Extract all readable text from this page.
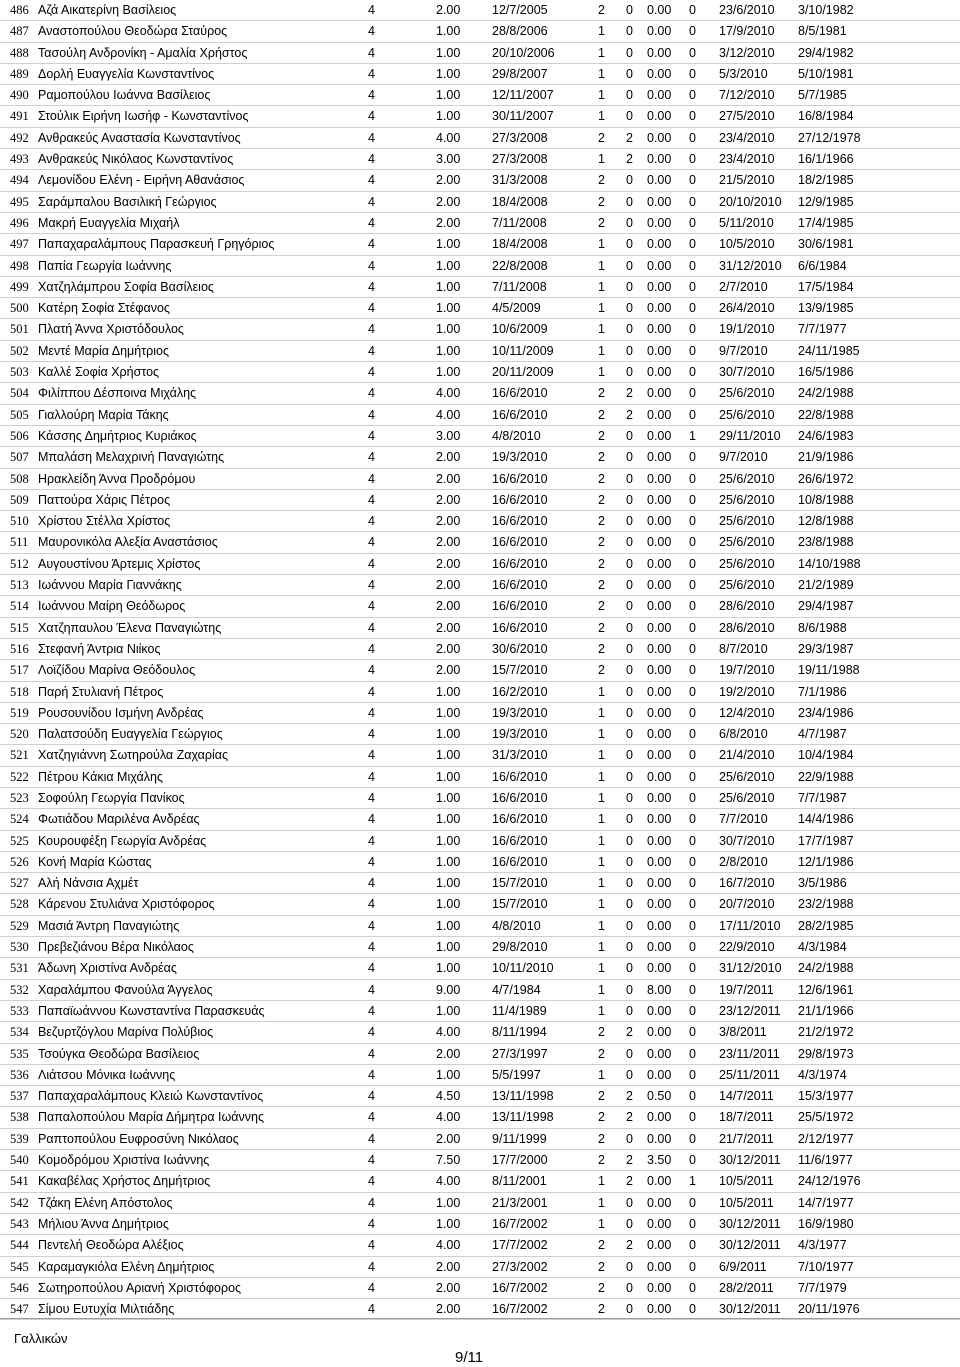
486 Αζά Αικατερίνη Βασίλειος	4	2.00	12/7/2005	2 0 0.00 0 23/6/2010 3/10/1982
487 Αναστοπούλου Θεοδώρα Σταύρος	4	1.00	28/8/2006	1 0 0.00 0 17/9/2010 8/5/1981
488 Τασούλη Ανδρονίκη - Αμαλία Χρήστος	4	1.00	20/10/2006	1 0 0.00 0 3/12/2010 29/4/1982
489 Δορλή Ευαγγελία Κωνσταντίνος	4	1.00	29/8/2007	1 0 0.00 0 5/3/2010 5/10/1981
490 Ραμοπούλου Ιωάννα Βασίλειος	4	1.00	12/11/2007	1 0 0.00 0 7/12/2010 5/7/1985
491 Στούλικ Ειρήνη Ιωσήφ - Κωνσταντίνος	4	1.00	30/11/2007	1 0 0.00 0 27/5/2010 16/8/1984
492 Ανθρακεύς Αναστασία Κωνσταντίνος	4	4.00	27/3/2008	2 2 0.00 0 23/4/2010 27/12/1978
493 Ανθρακεύς Νικόλαος Κωνσταντίνος	4	3.00	27/3/2008	1 2 0.00 0 23/4/2010 16/1/1966
494 Λεμονίδου Ελένη - Ειρήνη Αθανάσιος	4	2.00	31/3/2008	2 0 0.00 0 21/5/2010 18/2/1985
495 Σαράμπαλου Βασιλική Γεώργιος	4	2.00	18/4/2008	2 0 0.00 0 20/10/2010 12/9/1985
496 Μακρή Ευαγγελία Μιχαήλ	4	2.00	7/11/2008	2 0 0.00 0 5/11/2010 17/4/1985
497 Παπαχαραλάμπους Παρασκευή Γρηγόριος	4	1.00	18/4/2008	1 0 0.00 0 10/5/2010 30/6/1981
498 Παπία Γεωργία Ιωάννης	4	1.00	22/8/2008	1 0 0.00 0 31/12/2010 6/6/1984
499 Χατζηλάμπρου Σοφία Βασίλειος	4	1.00	7/11/2008	1 0 0.00 0 2/7/2010 17/5/1984
500 Κατέρη Σοφία Στέφανος	4	1.00	4/5/2009	1 0 0.00 0 26/4/2010 13/9/1985
501 Πλατή Άννα Χριστόδουλος	4	1.00	10/6/2009	1 0 0.00 0 19/1/2010 7/7/1977
502 Μεντέ Μαρία Δημήτριος	4	1.00	10/11/2009	1 0 0.00 0 9/7/2010 24/11/1985
503 Καλλέ Σοφία Χρήστος	4	1.00	20/11/2009	1 0 0.00 0 30/7/2010 16/5/1986
504 Φιλίππου Δέσποινα Μιχάλης	4	4.00	16/6/2010	2 2 0.00 0 25/6/2010 24/2/1988
505 Γιαλλούρη Μαρία Τάκης	4	4.00	16/6/2010	2 2 0.00 0 25/6/2010 22/8/1988
506 Κάσσης Δημήτριος Κυριάκος	4	3.00	4/8/2010	2 0 0.00 1 29/11/2010 24/6/1983
507 Μπαλάση Μελαχρινή Παναγιώτης	4	2.00	19/3/2010	2 0 0.00 0 9/7/2010 21/9/1986
508 Ηρακλείδη Άννα Προδρόμου	4	2.00	16/6/2010	2 0 0.00 0 25/6/2010 26/6/1972
509 Παττούρα Χάρις Πέτρος	4	2.00	16/6/2010	2 0 0.00 0 25/6/2010 10/8/1988
510 Χρίστου Στέλλα Χρίστος	4	2.00	16/6/2010	2 0 0.00 0 25/6/2010 12/8/1988
511 Μαυρονικόλα Αλεξία Αναστάσιος	4	2.00	16/6/2010	2 0 0.00 0 25/6/2010 23/8/1988
512 Αυγουστίνου Άρτεμις Χρίστος	4	2.00	16/6/2010	2 0 0.00 0 25/6/2010 14/10/1988
513 Ιωάννου Μαρία Γιαννάκης	4	2.00	16/6/2010	2 0 0.00 0 25/6/2010 21/2/1989
514 Ιωάννου Μαίρη Θεόδωρος	4	2.00	16/6/2010	2 0 0.00 0 28/6/2010 29/4/1987
515 Χατζηπαυλου Έλενα Παναγιώτης	4	2.00	16/6/2010	2 0 0.00 0 28/6/2010 8/6/1988
516 Στεφανή Άντρια Νιίκος	4	2.00	30/6/2010	2 0 0.00 0 8/7/2010 29/3/1987
517 Λοϊζίδου Μαρίνα Θεόδουλος	4	2.00	15/7/2010	2 0 0.00 0 19/7/2010 19/11/1988
518 Παρή Στυλιανή Πέτρος	4	1.00	16/2/2010	1 0 0.00 0 19/2/2010 7/1/1986
519 Ρουσουνίδου Ισμήνη Ανδρέας	4	1.00	19/3/2010	1 0 0.00 0 12/4/2010 23/4/1986
520 Παλατσούδη Ευαγγελία Γεώργιος	4	1.00	19/3/2010	1 0 0.00 0 6/8/2010 4/7/1987
521 Χατζηγιάννη Σωτηρούλα Ζαχαρίας	4	1.00	31/3/2010	1 0 0.00 0 21/4/2010 10/4/1984
522 Πέτρου Κάκια Μιχάλης	4	1.00	16/6/2010	1 0 0.00 0 25/6/2010 22/9/1988
523 Σοφούλη Γεωργία Πανίκος	4	1.00	16/6/2010	1 0 0.00 0 25/6/2010 7/7/1987
524 Φωτιάδου Μαριλένα Ανδρέας	4	1.00	16/6/2010	1 0 0.00 0 7/7/2010 14/4/1986
525 Κουρουφέξη Γεωργία Ανδρέας	4	1.00	16/6/2010	1 0 0.00 0 30/7/2010 17/7/1987
526 Κονή Μαρία Κώστας	4	1.00	16/6/2010	1 0 0.00 0 2/8/2010 12/1/1986
527 Αλή Νάνσια Αχμέτ	4	1.00	15/7/2010	1 0 0.00 0 16/7/2010 3/5/1986
528 Κάρενου Στυλιάνα Χριστόφορος	4	1.00	15/7/2010	1 0 0.00 0 20/7/2010 23/2/1988
529 Μασιά Άντρη Παναγιώτης	4	1.00	4/8/2010	1 0 0.00 0 17/11/2010 28/2/1985
530 Πρεβεζιάνου Βέρα Νικόλαος	4	1.00	29/8/2010	1 0 0.00 0 22/9/2010 4/3/1984
531 Άδωνη Χριστίνα Ανδρέας	4	1.00	10/11/2010	1 0 0.00 0 31/12/2010 24/2/1988
532 Χαραλάμπου Φανούλα Άγγελος	4	9.00	4/7/1984	1 0 8.00 0 19/7/2011 12/6/1961
533 Παπαϊωάννου Κωνσταντίνα Παρασκευάς	4	1.00	11/4/1989	1 0 0.00 0 23/12/2011 21/1/1966
534 Βεζυρτζόγλου Μαρίνα Πολύβιος	4	4.00	8/11/1994	2 2 0.00 0 3/8/2011	21/2/1972
535 Τσούγκα Θεοδώρα Βασίλειος	4	2.00	27/3/1997	2 0 0.00 0 23/11/2011 29/8/1973
536 Λιάτσου Μόνικα Ιωάννης	4	1.00	5/5/1997	1 0 0.00 0 25/11/2011 4/3/1974
537 Παπαχαραλάμπους Κλειώ Κωνσταντίνος	4	4.50	13/11/1998	2 2 0.50 0 14/7/2011 15/3/1977
538 Παπαλοπούλου Μαρία Δήμητρα Ιωάννης	4	4.00	13/11/1998	2 2 0.00 0 18/7/2011 25/5/1972
539 Ραπτοπούλου Ευφροσύνη Νικόλαος	4	2.00	9/11/1999	2 0 0.00 0 21/7/2011 2/12/1977
540 Κομοδρόμου Χριστίνα Ιωάννης	4	7.50	17/7/2000	2 2 3.50 0 30/12/2011 11/6/1977
541 Κακαβέλας Χρήστος Δημήτριος	4	4.00	8/11/2001	1 2 0.00 1 10/5/2011 24/12/1976
542 Τζάκη Ελένη Απόστολος	4	1.00	21/3/2001	1 0 0.00 0 10/5/2011 14/7/1977
543 Μήλιου Άννα Δημήτριος	4	1.00	16/7/2002	1 0 0.00 0 30/12/2011 16/9/1980
544 Πεντελή Θεοδώρα Αλέξιος	4	4.00	17/7/2002	2 2 0.00 0 30/12/2011 4/3/1977
545 Καραμαγκιόλα Ελένη Δημήτριος	4	2.00	27/3/2002	2 0 0.00 0 6/9/2011	7/10/1977
546 Σωτηροπούλου Αριανή Χριστόφορος	4	2.00	16/7/2002	2 0 0.00 0 28/2/2011 7/7/1979
547 Σίμου Ευτυχία Μιλτιάδης	4	2.00	16/7/2002	2 0 0.00 0 30/12/2011 20/11/1976
Γαλλικών
9/11
